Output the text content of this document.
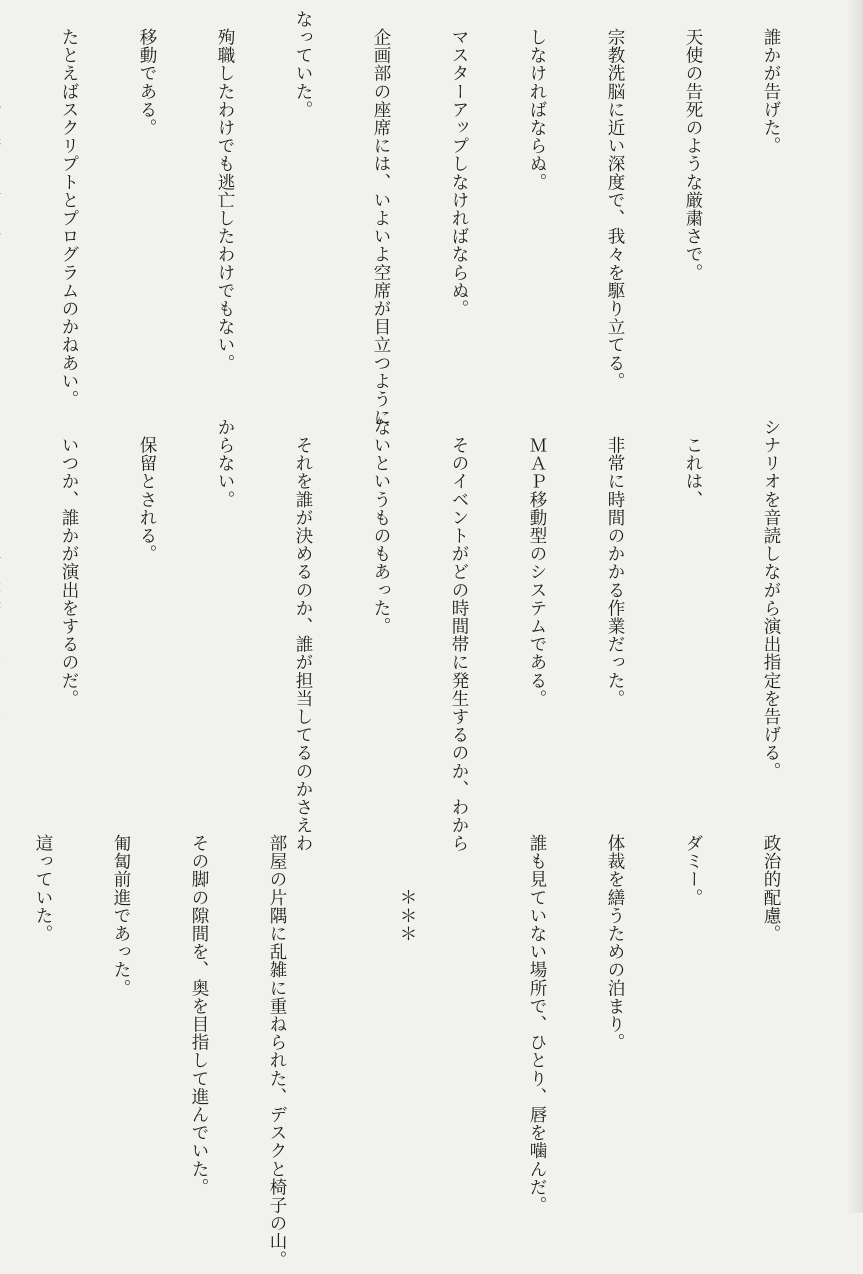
　誰かが告げた。

　天使の告死のような厳粛さで。

　宗教洗脳に近い深度で、我々を駆り立てる。

　しなければならぬ。

　マスターアップしなければならぬ。

　企画部の座席には、いよいよ空席が目立つように

なっていた。

　殉職したわけでも逃亡したわけでもない。

　移動である。

　たとえばスクリプトとプログラムのかねあい。

シナリオを音読しながら演出指定を告げる。

　これは、

　非常に時間のかかる作業だった。

　ＭＡＰ移動型のシステムである。

　そのイベントがどの時間帯に発生するのか、わから

ないというものもあった。

　それを誰が決めるのか、誰が担当してるのかさえわ

からない。

　保留とされる。

　いつか、誰かが演出をするのだ。

　政治的配慮。

　ダミー。

　体裁を繕うための泊まり。

　誰も見ていない場所で、ひとり、唇を噛んだ。

　　　　＊＊＊

　部屋の片隅に乱雑に重ねられた、デスクと椅子の山。

　その脚の隙間を、奥を目指して進んでいた。

　匍匐前進であった。

　這っていた。
